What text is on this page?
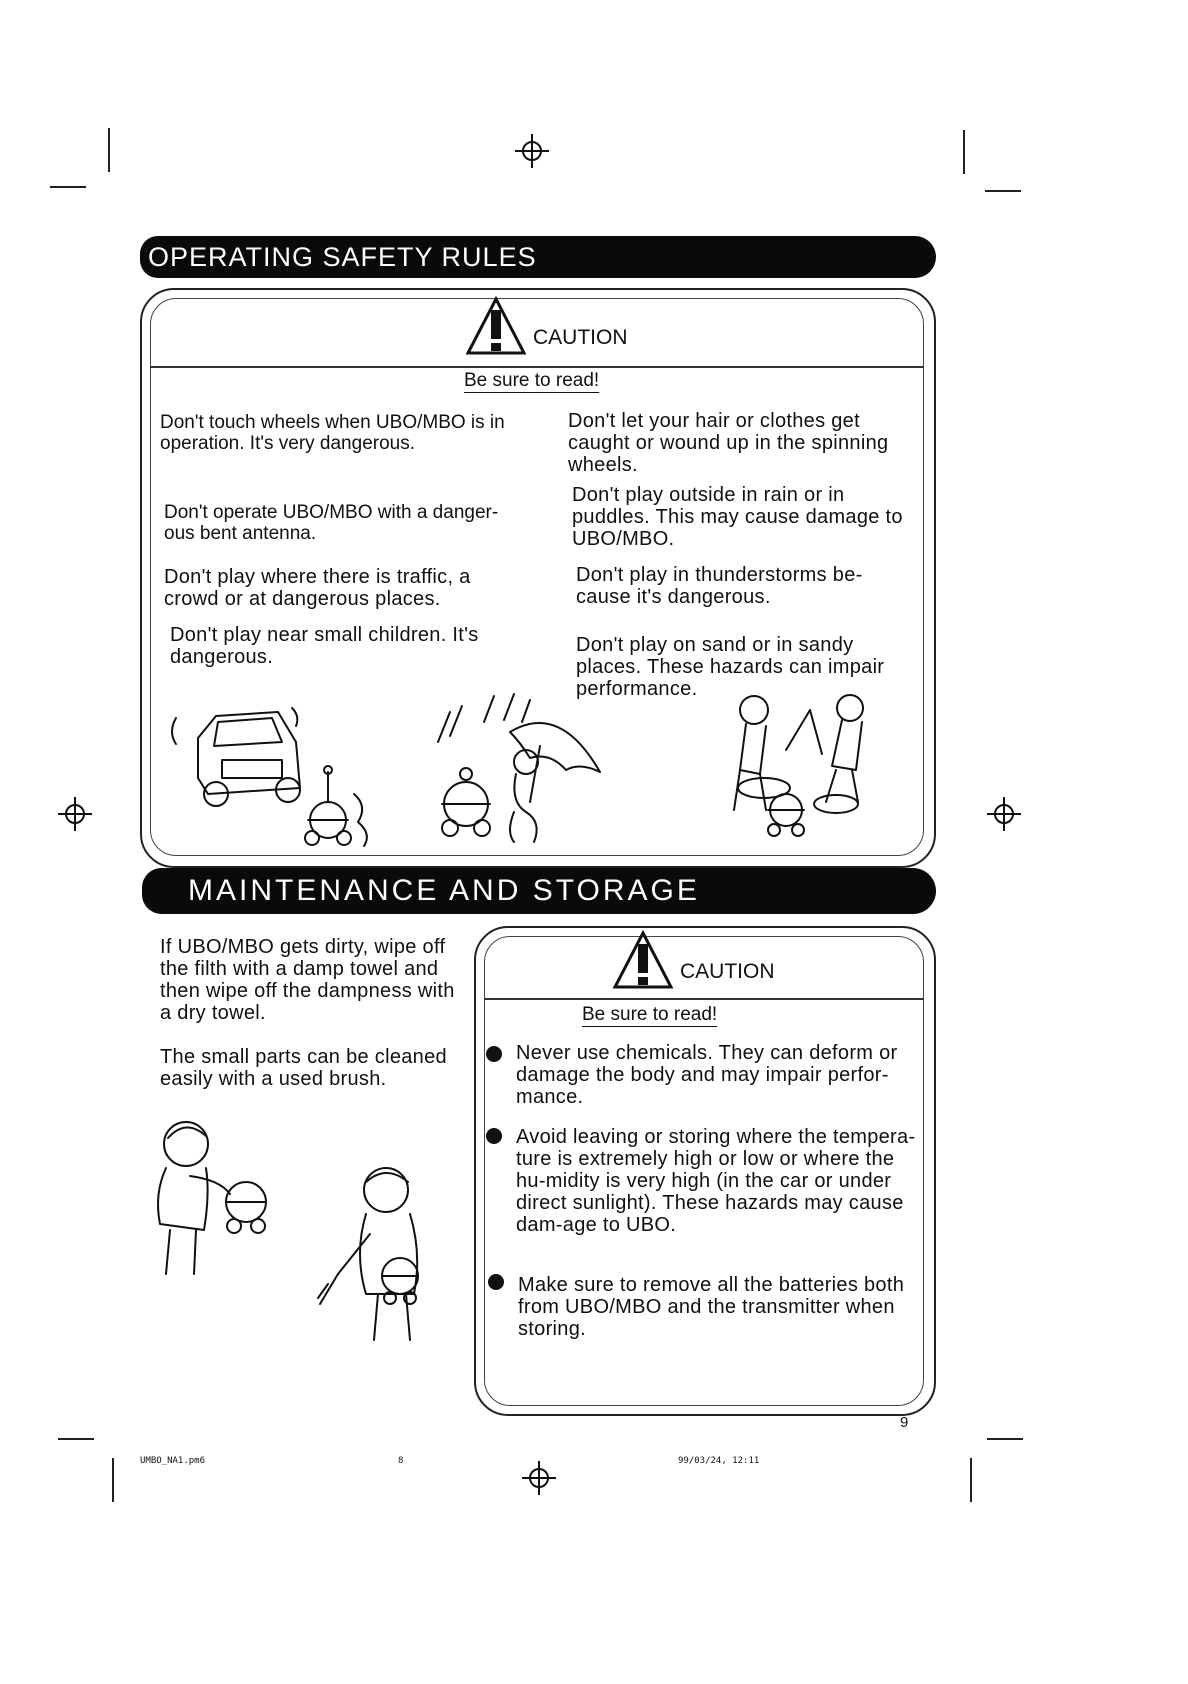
OPERATING SAFETY RULES
CAUTION
Be sure to read!
Don't touch wheels when UBO/MBO is in operation. It's very dangerous.
Don't operate UBO/MBO with a danger-ous bent antenna.
Don't play where there is traffic, a crowd or at dangerous places.
Don't play near small children. It's dangerous.
Don't let your hair or clothes get caught or wound up in the spinning wheels.
Don't play outside in rain or in puddles. This may cause damage to UBO/MBO.
Don't play in thunderstorms be-cause it's dangerous.
Don't play on sand or in sandy places. These hazards can impair performance.
MAINTENANCE AND STORAGE
If UBO/MBO gets dirty, wipe off the filth with a damp towel and then wipe off the dampness with a dry towel.
The small parts can be cleaned easily with a used brush.
CAUTION
Be sure to read!
Never use chemicals. They can deform or damage the body and may impair perfor-mance.
Avoid leaving or storing where the tempera-ture is extremely high or low or where the hu-midity is very high (in the car or under direct sunlight). These hazards may cause dam-age to UBO.
Make sure to remove all the batteries both from UBO/MBO and the transmitter when storing.
9
UMBO_NA1.pm6	8	99/03/24, 12:11
